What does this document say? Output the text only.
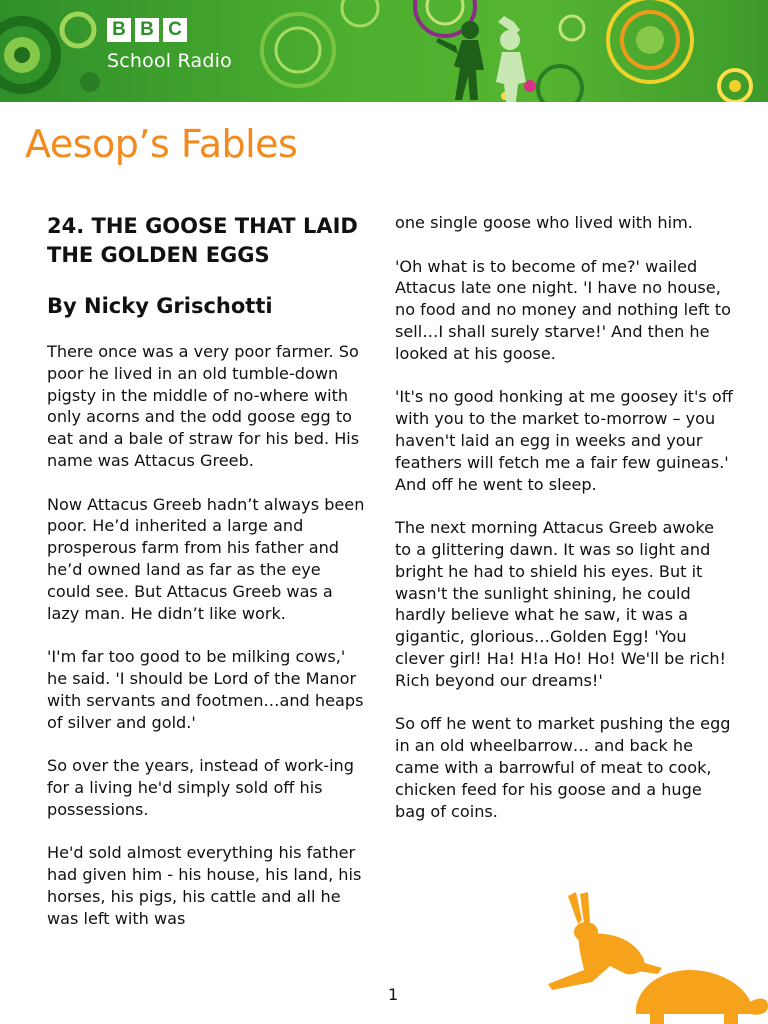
B B C
School Radio
Aesop’s Fables
24. THE GOOSE THAT LAID THE GOLDEN EGGS
By Nicky Grischotti

There once was a very poor farmer. So poor he lived in an old tumble-down pigsty in the middle of no-where with only acorns and the odd goose egg to eat and a bale of straw for his bed. His name was Attacus Greeb.

Now Attacus Greeb hadn’t always been poor. He’d inherited a large and prosperous farm from his father and he’d owned land as far as the eye could see. But Attacus Greeb was a lazy man. He didn’t like work.

'I'm far too good to be milking cows,' he said. 'I should be Lord of the Manor with servants and footmen…and heaps of silver and gold.'

So over the years, instead of work-ing for a living he'd simply sold off his possessions.

He'd sold almost everything his father had given him - his house, his land, his horses, his pigs, his cattle and all he was left with was

one single goose who lived with him.

'Oh what is to become of me?' wailed Attacus late one night. 'I have no house, no food and no money and nothing left to sell…I shall surely starve!' And then he looked at his goose.

'It's no good honking at me goosey it's off with you to the market to-morrow – you haven't laid an egg in weeks and your feathers will fetch me a fair few guineas.' And off he went to sleep.

The next morning Attacus Greeb awoke to a glittering dawn. It was so light and bright he had to shield his eyes. But it wasn't the sunlight shining, he could hardly believe what he saw, it was a gigantic, glorious…Golden Egg! 'You clever girl! Ha! H!a Ho! Ho! We'll be rich! Rich beyond our dreams!'

So off he went to market pushing the egg in an old wheelbarrow… and back he came with a barrowful of meat to cook, chicken feed for his goose and a huge bag of coins.

1
